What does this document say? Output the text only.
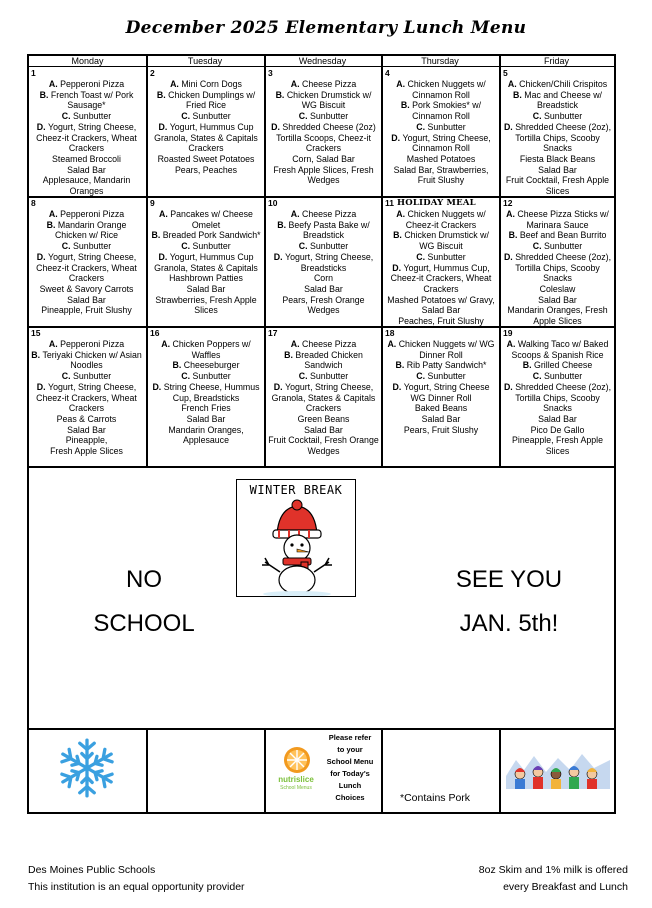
December 2025 Elementary Lunch Menu
Monday	Tuesday	Wednesday	Thursday	Friday
1
A. Pepperoni Pizza
B. French Toast w/ Pork Sausage*
C. Sunbutter
D. Yogurt, String Cheese, Cheez-it Crackers, Wheat Crackers
Steamed Broccoli
Salad Bar
Applesauce, Mandarin Oranges
2
A. Mini Corn Dogs
B. Chicken Dumplings w/ Fried Rice
C. Sunbutter
D. Yogurt, Hummus Cup Granola, States & Capitals Crackers
Roasted Sweet Potatoes
Pears, Peaches
3
A. Cheese Pizza
B. Chicken Drumstick w/ WG Biscuit
C. Sunbutter
D. Shredded Cheese (2oz) Tortilla Scoops, Cheez-it Crackers
Corn, Salad Bar
Fresh Apple Slices, Fresh Wedges
4
A. Chicken Nuggets w/ Cinnamon Roll
B. Pork Smokies* w/ Cinnamon Roll
C. Sunbutter
D. Yogurt, String Cheese, Cinnamon Roll
Mashed Potatoes
Salad Bar, Strawberries, Fruit Slushy
5
A. Chicken/Chili Crispitos
B. Mac and Cheese w/ Breadstick
C. Sunbutter
D. Shredded Cheese (2oz), Tortilla Chips, Scooby Snacks
Fiesta Black Beans
Salad Bar
Fruit Cocktail, Fresh Apple Slices
8
A. Pepperoni Pizza
B. Mandarin Orange Chicken w/ Rice
C. Sunbutter
D. Yogurt, String Cheese, Cheez-it Crackers, Wheat Crackers
Sweet & Savory Carrots
Salad Bar
Pineapple, Fruit Slushy
9
A. Pancakes w/ Cheese Omelet
B. Breaded Pork Sandwich*
C. Sunbutter
D. Yogurt, Hummus Cup Granola, States & Capitals
Hashbrown Patties
Salad Bar
Strawberries, Fresh Apple Slices
10
A. Cheese Pizza
B. Beefy Pasta Bake w/ Breadstick
C. Sunbutter
D. Yogurt, String Cheese, Breadsticks
Corn
Salad Bar
Pears, Fresh Orange Wedges
11 HOLIDAY MEAL
A. Chicken Nuggets w/ Cheez-it Crackers
B. Chicken Drumstick w/ WG Biscuit
C. Sunbutter
D. Yogurt, Hummus Cup, Cheez-it Crackers, Wheat Crackers
Mashed Potatoes w/ Gravy, Salad Bar
Peaches, Fruit Slushy
12
A. Cheese Pizza Sticks w/ Marinara Sauce
B. Beef and Bean Burrito
C. Sunbutter
D. Shredded Cheese (2oz), Tortilla Chips, Scooby Snacks
Coleslaw
Salad Bar
Mandarin Oranges, Fresh Apple Slices
15
A. Pepperoni Pizza
B. Teriyaki Chicken w/ Asian Noodles
C. Sunbutter
D. Yogurt, String Cheese, Cheez-it Crackers, Wheat Crackers
Peas & Carrots
Salad Bar
Pineapple,
Fresh Apple Slices
16
A. Chicken Poppers w/ Waffles
B. Cheeseburger
C. Sunbutter
D. String Cheese, Hummus Cup, Breadsticks
French Fries
Salad Bar
Mandarin Oranges, Applesauce
17
A. Cheese Pizza
B. Breaded Chicken Sandwich
C. Sunbutter
D. Yogurt, String Cheese, Granola, States & Capitals Crackers
Green Beans
Salad Bar
Fruit Cocktail, Fresh Orange Wedges
18
A. Chicken Nuggets w/ WG Dinner Roll
B. Rib Patty Sandwich*
C. Sunbutter
D. Yogurt, String Cheese WG Dinner Roll
Baked Beans
Salad Bar
Pears, Fruit Slushy
19
A. Walking Taco w/ Baked Scoops & Spanish Rice
B. Grilled Cheese
C. Sunbutter
D. Shredded Cheese (2oz), Tortilla Chips, Scooby Snacks
Salad Bar
Pico De Gallo
Pineapple, Fresh Apple Slices
NO
SCHOOL
SEE YOU
JAN. 5th!
WINTER BREAK
nutrislice
School Menus
Please refer
to your
School Menu
for Today's
Lunch
Choices	*Contains Pork
Des Moines Public Schools
This institution is an equal opportunity provider
8oz Skim and 1% milk is offered
every Breakfast and Lunch
